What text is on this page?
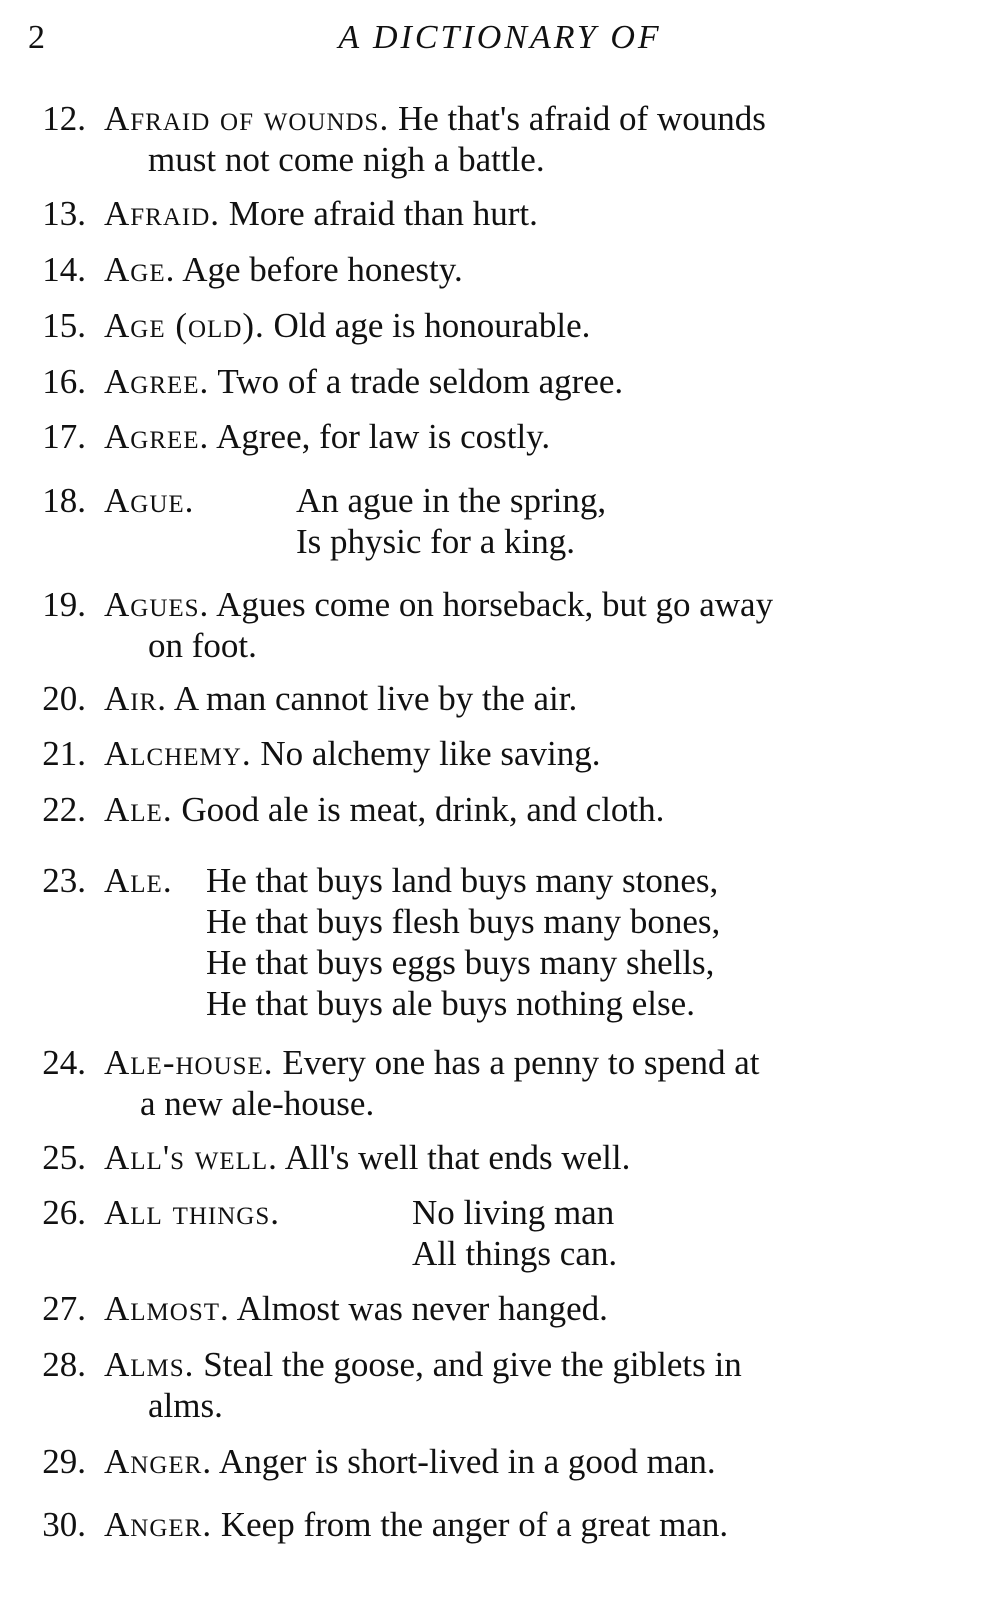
2	A DICTIONARY OF
12. Afraid of wounds. He that's afraid of wounds
must not come nigh a battle.
13. Afraid. More afraid than hurt.
14. Age. Age before honesty.
15. Age (old). Old age is honourable.
16. Agree. Two of a trade seldom agree.
17. Agree. Agree, for law is costly.
18. Ague.	An ague in the spring,
Is physic for a king.
19. Agues. Agues come on horseback, but go away
on foot.
20. Air. A man cannot live by the air.
21. Alchemy. No alchemy like saving.
22. Ale. Good ale is meat, drink, and cloth.
23. Ale. He that buys land buys many stones,
He that buys flesh buys many bones,
He that buys eggs buys many shells,
He that buys ale buys nothing else.
24. Ale-house. Every one has a penny to spend at
a new ale-house.
25. All's well. All's well that ends well.
26. All things.	No living man
All things can.
27. Almost. Almost was never hanged.
28. Alms. Steal the goose, and give the giblets in
alms.
29. Anger. Anger is short-lived in a good man.
30. Anger. Keep from the anger of a great man.
